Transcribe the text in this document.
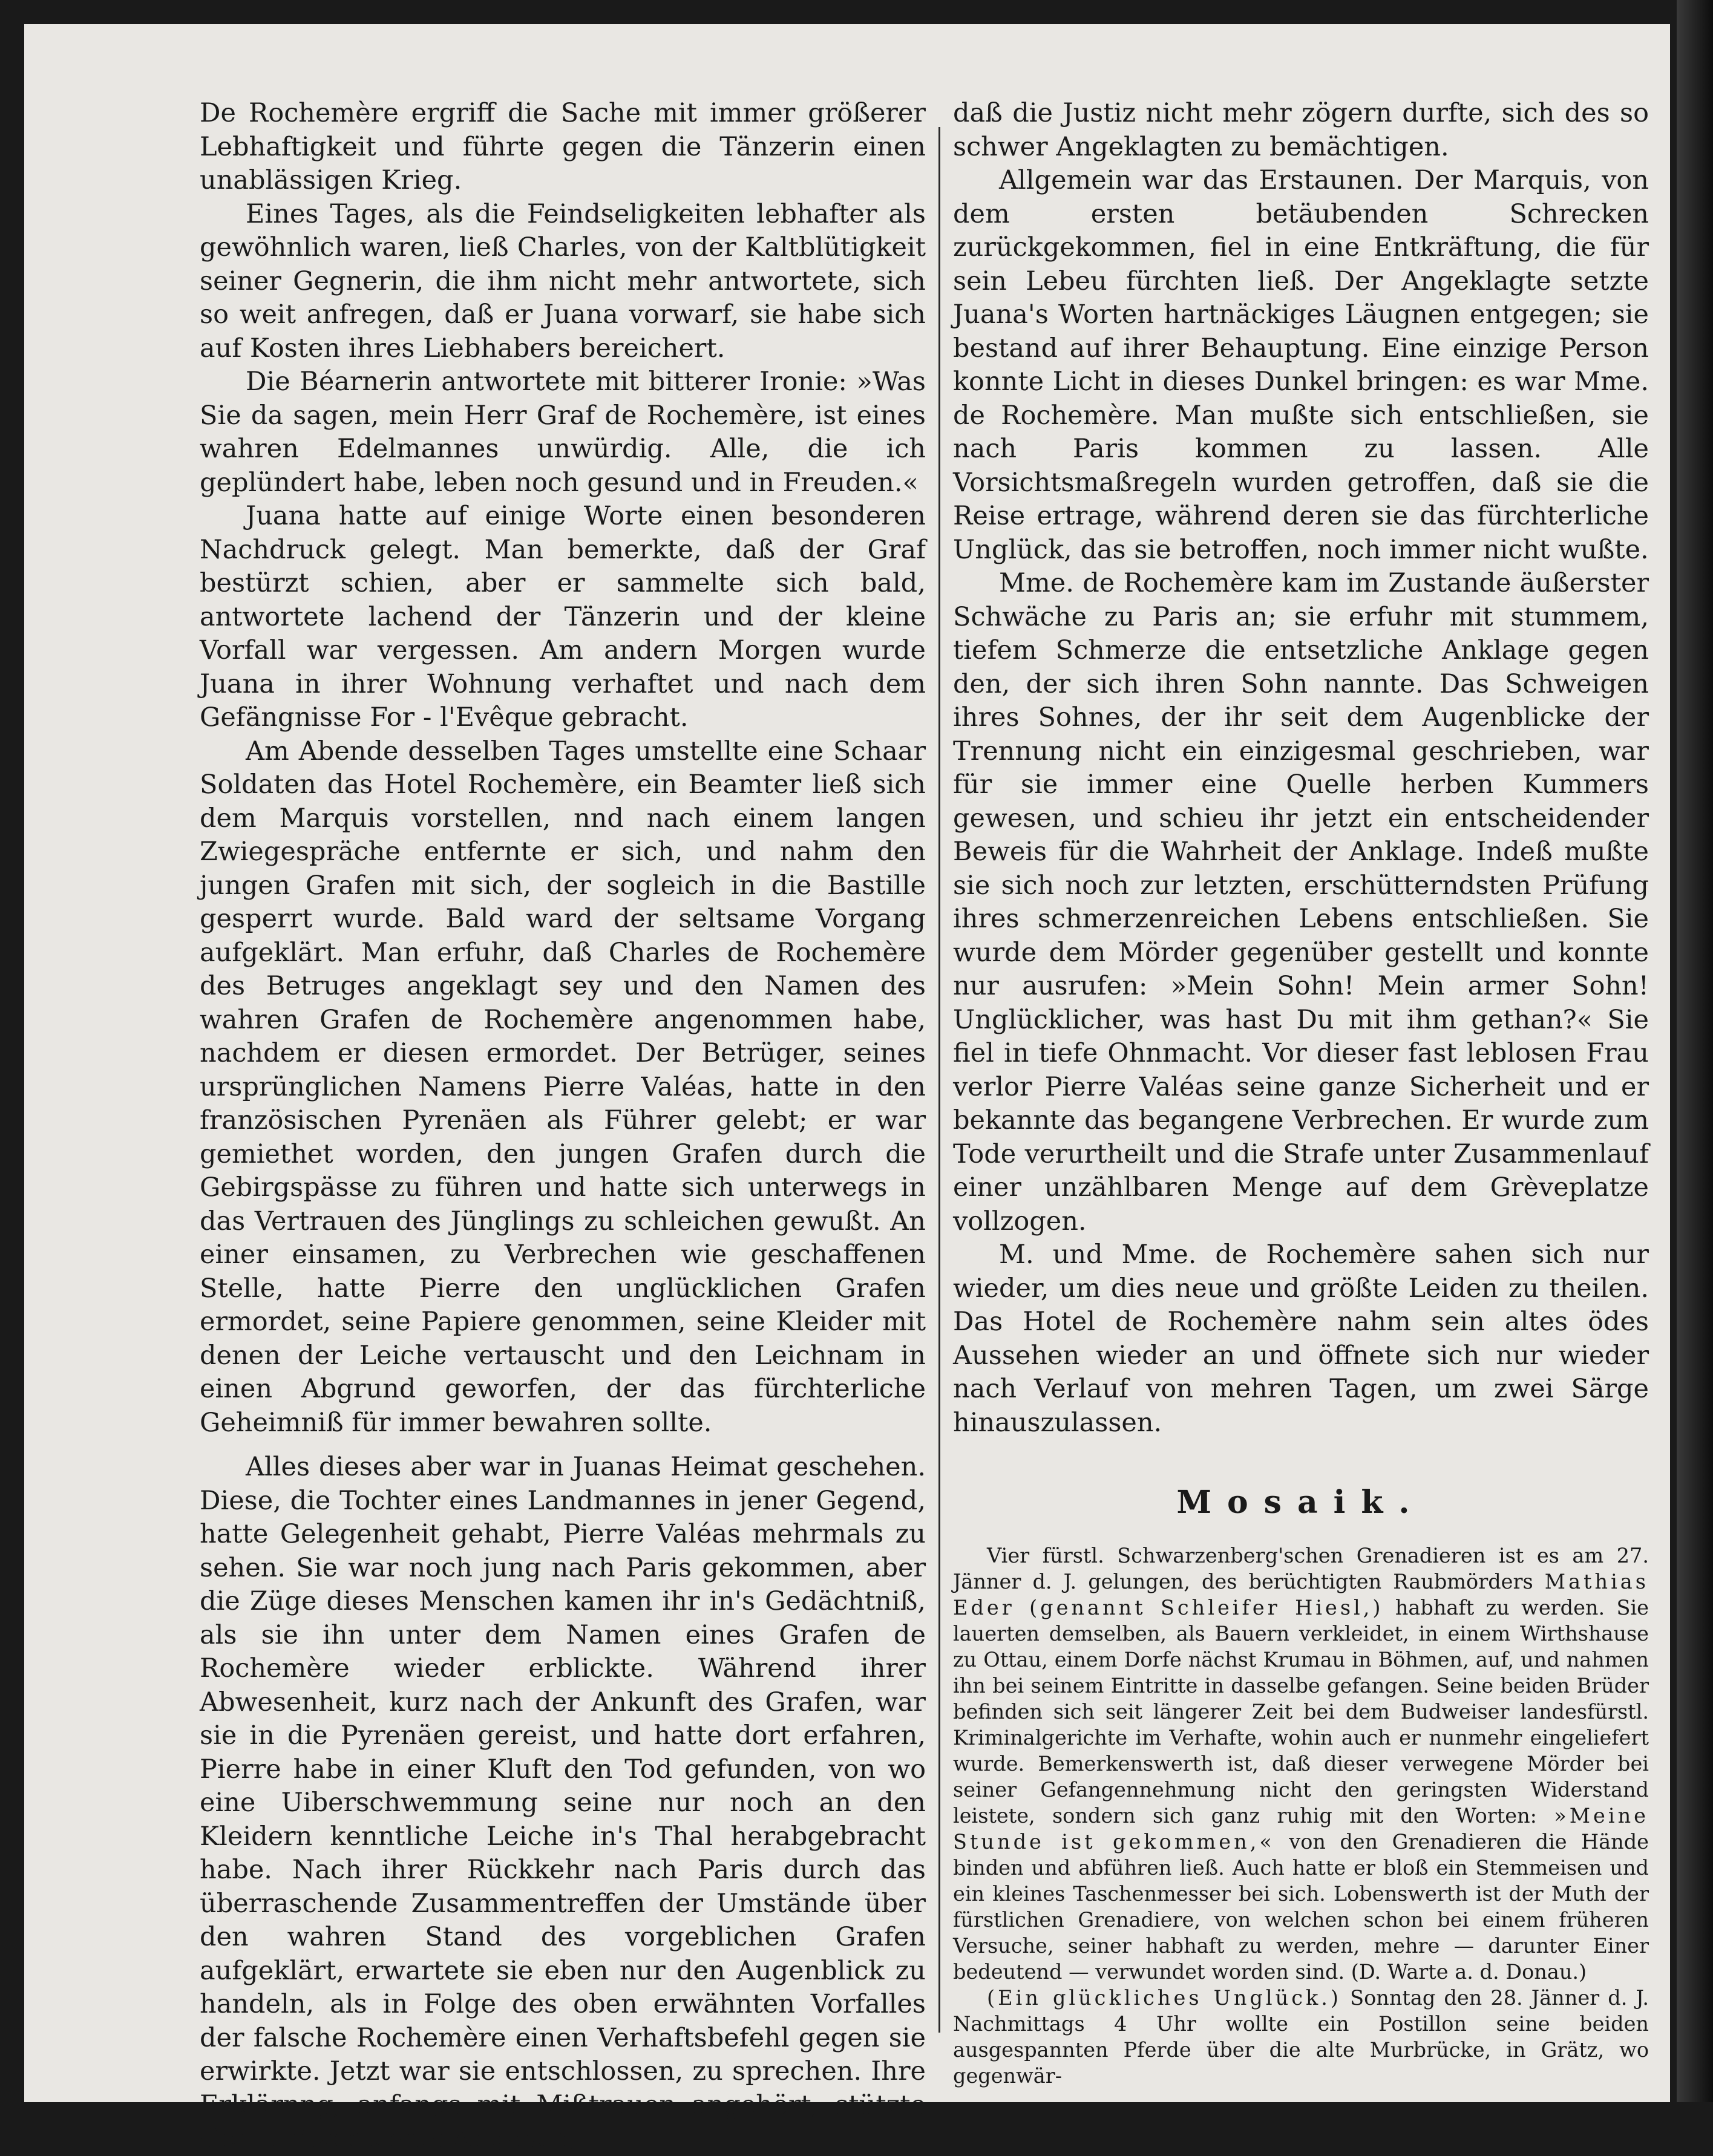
De Rochemère ergriff die Sache mit immer größerer Lebhaftigkeit und führte gegen die Tänzerin einen unablässigen Krieg.

Eines Tages, als die Feindseligkeiten lebhafter als gewöhnlich waren, ließ Charles, von der Kaltblütigkeit seiner Gegnerin, die ihm nicht mehr antwortete, sich so weit anfregen, daß er Juana vorwarf, sie habe sich auf Kosten ihres Liebhabers bereichert.

Die Béarnerin antwortete mit bitterer Ironie: »Was Sie da sagen, mein Herr Graf de Rochemère, ist eines wahren Edelmannes unwürdig. Alle, die ich geplündert habe, leben noch gesund und in Freuden.«

Juana hatte auf einige Worte einen besonderen Nachdruck gelegt. Man bemerkte, daß der Graf bestürzt schien, aber er sammelte sich bald, antwortete lachend der Tänzerin und der kleine Vorfall war vergessen. Am andern Morgen wurde Juana in ihrer Wohnung verhaftet und nach dem Gefängnisse For - l'Evêque gebracht.

Am Abende desselben Tages umstellte eine Schaar Soldaten das Hotel Rochemère, ein Beamter ließ sich dem Marquis vorstellen, nnd nach einem langen Zwiegespräche entfernte er sich, und nahm den jungen Grafen mit sich, der sogleich in die Bastille gesperrt wurde. Bald ward der seltsame Vorgang aufgeklärt. Man erfuhr, daß Charles de Rochemère des Betruges angeklagt sey und den Namen des wahren Grafen de Rochemère angenommen habe, nachdem er diesen ermordet. Der Betrüger, seines ursprünglichen Namens Pierre Valéas, hatte in den französischen Pyrenäen als Führer gelebt; er war gemiethet worden, den jungen Grafen durch die Gebirgspässe zu führen und hatte sich unterwegs in das Vertrauen des Jünglings zu schleichen gewußt. An einer einsamen, zu Verbrechen wie geschaffenen Stelle, hatte Pierre den unglücklichen Grafen ermordet, seine Papiere genommen, seine Kleider mit denen der Leiche vertauscht und den Leichnam in einen Abgrund geworfen, der das fürchterliche Geheimniß für immer bewahren sollte.

Alles dieses aber war in Juanas Heimat geschehen. Diese, die Tochter eines Landmannes in jener Gegend, hatte Gelegenheit gehabt, Pierre Valéas mehrmals zu sehen. Sie war noch jung nach Paris gekommen, aber die Züge dieses Menschen kamen ihr in's Gedächtniß, als sie ihn unter dem Namen eines Grafen de Rochemère wieder erblickte. Während ihrer Abwesenheit, kurz nach der Ankunft des Grafen, war sie in die Pyrenäen gereist, und hatte dort erfahren, Pierre habe in einer Kluft den Tod gefunden, von wo eine Uiberschwemmung seine nur noch an den Kleidern kenntliche Leiche in's Thal herabgebracht habe. Nach ihrer Rückkehr nach Paris durch das überraschende Zusammentreffen der Umstände über den wahren Stand des vorgeblichen Grafen aufgeklärt, erwartete sie eben nur den Augenblick zu handeln, als in Folge des oben erwähnten Vorfalles der falsche Rochemère einen Verhaftsbefehl gegen sie erwirkte. Jetzt war sie entschlossen, zu sprechen. Ihre Erklärnng, anfangs mit Mißtrauen angehört, stützte sich auf so genaue Angaben,

daß die Justiz nicht mehr zögern durfte, sich des so schwer Angeklagten zu bemächtigen.

Allgemein war das Erstaunen. Der Marquis, von dem ersten betäubenden Schrecken zurückgekommen, fiel in eine Entkräftung, die für sein Lebeu fürchten ließ. Der Angeklagte setzte Juana's Worten hartnäckiges Läugnen entgegen; sie bestand auf ihrer Behauptung. Eine einzige Person konnte Licht in dieses Dunkel bringen: es war Mme. de Rochemère. Man mußte sich entschließen, sie nach Paris kommen zu lassen. Alle Vorsichtsmaßregeln wurden getroffen, daß sie die Reise ertrage, während deren sie das fürchterliche Unglück, das sie betroffen, noch immer nicht wußte.

Mme. de Rochemère kam im Zustande äußerster Schwäche zu Paris an; sie erfuhr mit stummem, tiefem Schmerze die entsetzliche Anklage gegen den, der sich ihren Sohn nannte. Das Schweigen ihres Sohnes, der ihr seit dem Augenblicke der Trennung nicht ein einzigesmal geschrieben, war für sie immer eine Quelle herben Kummers gewesen, und schieu ihr jetzt ein entscheidender Beweis für die Wahrheit der Anklage. Indeß mußte sie sich noch zur letzten, erschütterndsten Prüfung ihres schmerzenreichen Lebens entschließen. Sie wurde dem Mörder gegenüber gestellt und konnte nur ausrufen: »Mein Sohn! Mein armer Sohn! Unglücklicher, was hast Du mit ihm gethan?« Sie fiel in tiefe Ohnmacht. Vor dieser fast leblosen Frau verlor Pierre Valéas seine ganze Sicherheit und er bekannte das begangene Verbrechen. Er wurde zum Tode verurtheilt und die Strafe unter Zusammenlauf einer unzählbaren Menge auf dem Grèveplatze vollzogen.

M. und Mme. de Rochemère sahen sich nur wieder, um dies neue und größte Leiden zu theilen. Das Hotel de Rochemère nahm sein altes ödes Aussehen wieder an und öffnete sich nur wieder nach Verlauf von mehren Tagen, um zwei Särge hinauszulassen.

Mosaik.

Vier fürstl. Schwarzenberg'schen Grenadieren ist es am 27. Jänner d. J. gelungen, des berüchtigten Raubmörders Mathias Eder (genannt Schleifer Hiesl,) habhaft zu werden. Sie lauerten demselben, als Bauern verkleidet, in einem Wirthshause zu Ottau, einem Dorfe nächst Krumau in Böhmen, auf, und nahmen ihn bei seinem Eintritte in dasselbe gefangen. Seine beiden Brüder befinden sich seit längerer Zeit bei dem Budweiser landesfürstl. Kriminalgerichte im Verhafte, wohin auch er nunmehr eingeliefert wurde. Bemerkenswerth ist, daß dieser verwegene Mörder bei seiner Gefangennehmung nicht den geringsten Widerstand leistete, sondern sich ganz ruhig mit den Worten: »Meine Stunde ist gekommen,« von den Grenadieren die Hände binden und abführen ließ. Auch hatte er bloß ein Stemmeisen und ein kleines Taschenmesser bei sich. Lobenswerth ist der Muth der fürstlichen Grenadiere, von welchen schon bei einem früheren Versuche, seiner habhaft zu werden, mehre — darunter Einer bedeutend — verwundet worden sind. (D. Warte a. d. Donau.)

(Ein glückliches Unglück.) Sonntag den 28. Jänner d. J. Nachmittags 4 Uhr wollte ein Postillon seine beiden ausgespannten Pferde über die alte Murbrücke, in Grätz, wo gegenwär-
